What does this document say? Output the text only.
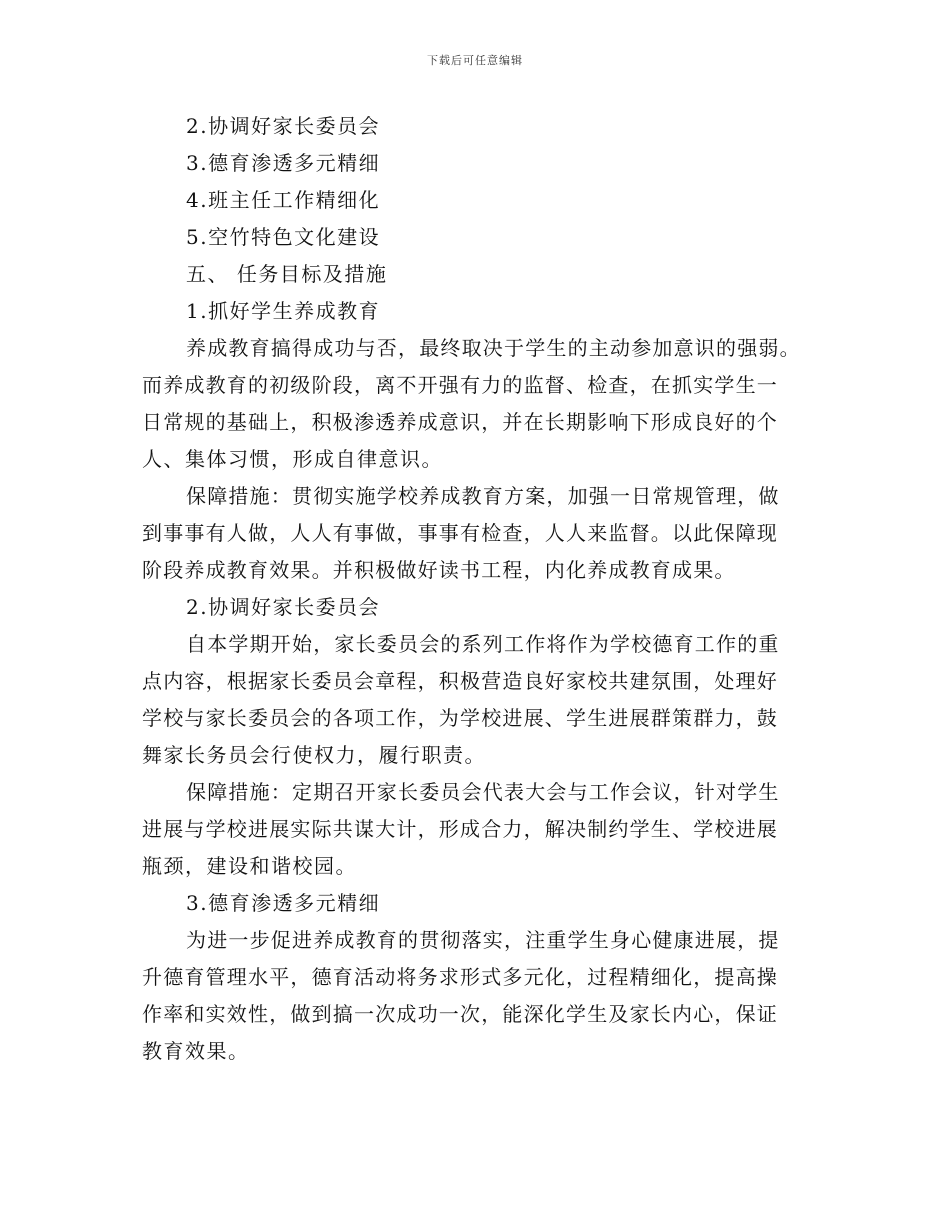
下载后可任意编辑
2.协调好家长委员会
3.德育渗透多元精细
4.班主任工作精细化
5.空竹特色文化建设
五、 任务目标及措施
1.抓好学生养成教育
养成教育搞得成功与否，最终取决于学生的主动参加意识的强弱。
而养成教育的初级阶段，离不开强有力的监督、检查，在抓实学生一
日常规的基础上，积极渗透养成意识，并在长期影响下形成良好的个
人、集体习惯，形成自律意识。
保障措施：贯彻实施学校养成教育方案，加强一日常规管理，做
到事事有人做，人人有事做，事事有检查，人人来监督。以此保障现
阶段养成教育效果。并积极做好读书工程，内化养成教育成果。
2.协调好家长委员会
自本学期开始，家长委员会的系列工作将作为学校德育工作的重
点内容，根据家长委员会章程，积极营造良好家校共建氛围，处理好
学校与家长委员会的各项工作，为学校进展、学生进展群策群力，鼓
舞家长务员会行使权力，履行职责。
保障措施：定期召开家长委员会代表大会与工作会议，针对学生
进展与学校进展实际共谋大计，形成合力，解决制约学生、学校进展
瓶颈，建设和谐校园。
3.德育渗透多元精细
为进一步促进养成教育的贯彻落实，注重学生身心健康进展，提
升德育管理水平，德育活动将务求形式多元化，过程精细化，提高操
作率和实效性，做到搞一次成功一次，能深化学生及家长内心，保证
教育效果。
